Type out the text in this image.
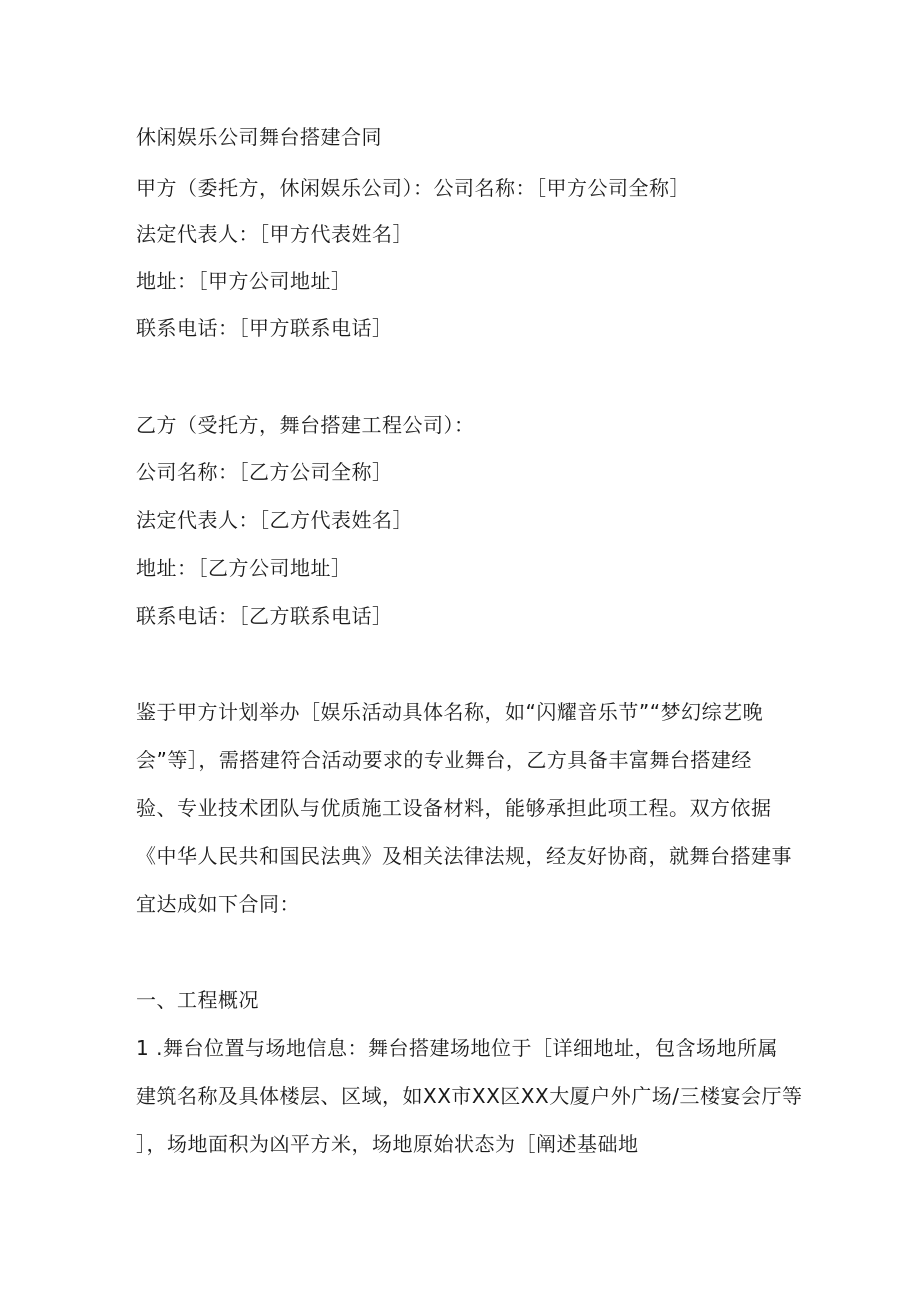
休闲娱乐公司舞台搭建合同
甲方（委托方，休闲娱乐公司）：公司名称：［甲方公司全称］
法定代表人：［甲方代表姓名］
地址：［甲方公司地址］
联系电话：［甲方联系电话］
乙方（受托方，舞台搭建工程公司）：
公司名称：［乙方公司全称］
法定代表人：［乙方代表姓名］
地址：［乙方公司地址］
联系电话：［乙方联系电话］
鉴于甲方计划举办［娱乐活动具体名称，如“闪耀音乐节”“梦幻综艺晚
会”等］，需搭建符合活动要求的专业舞台，乙方具备丰富舞台搭建经
验、专业技术团队与优质施工设备材料，能够承担此项工程。双方依据
《中华人民共和国民法典》及相关法律法规，经友好协商，就舞台搭建事
宜达成如下合同：
一、工程概况
1 .舞台位置与场地信息：舞台搭建场地位于［详细地址，包含场地所属
建筑名称及具体楼层、区域，如XX市XX区XX大厦户外广场/三楼宴会厅等
］，场地面积为凶平方米，场地原始状态为［阐述基础地
